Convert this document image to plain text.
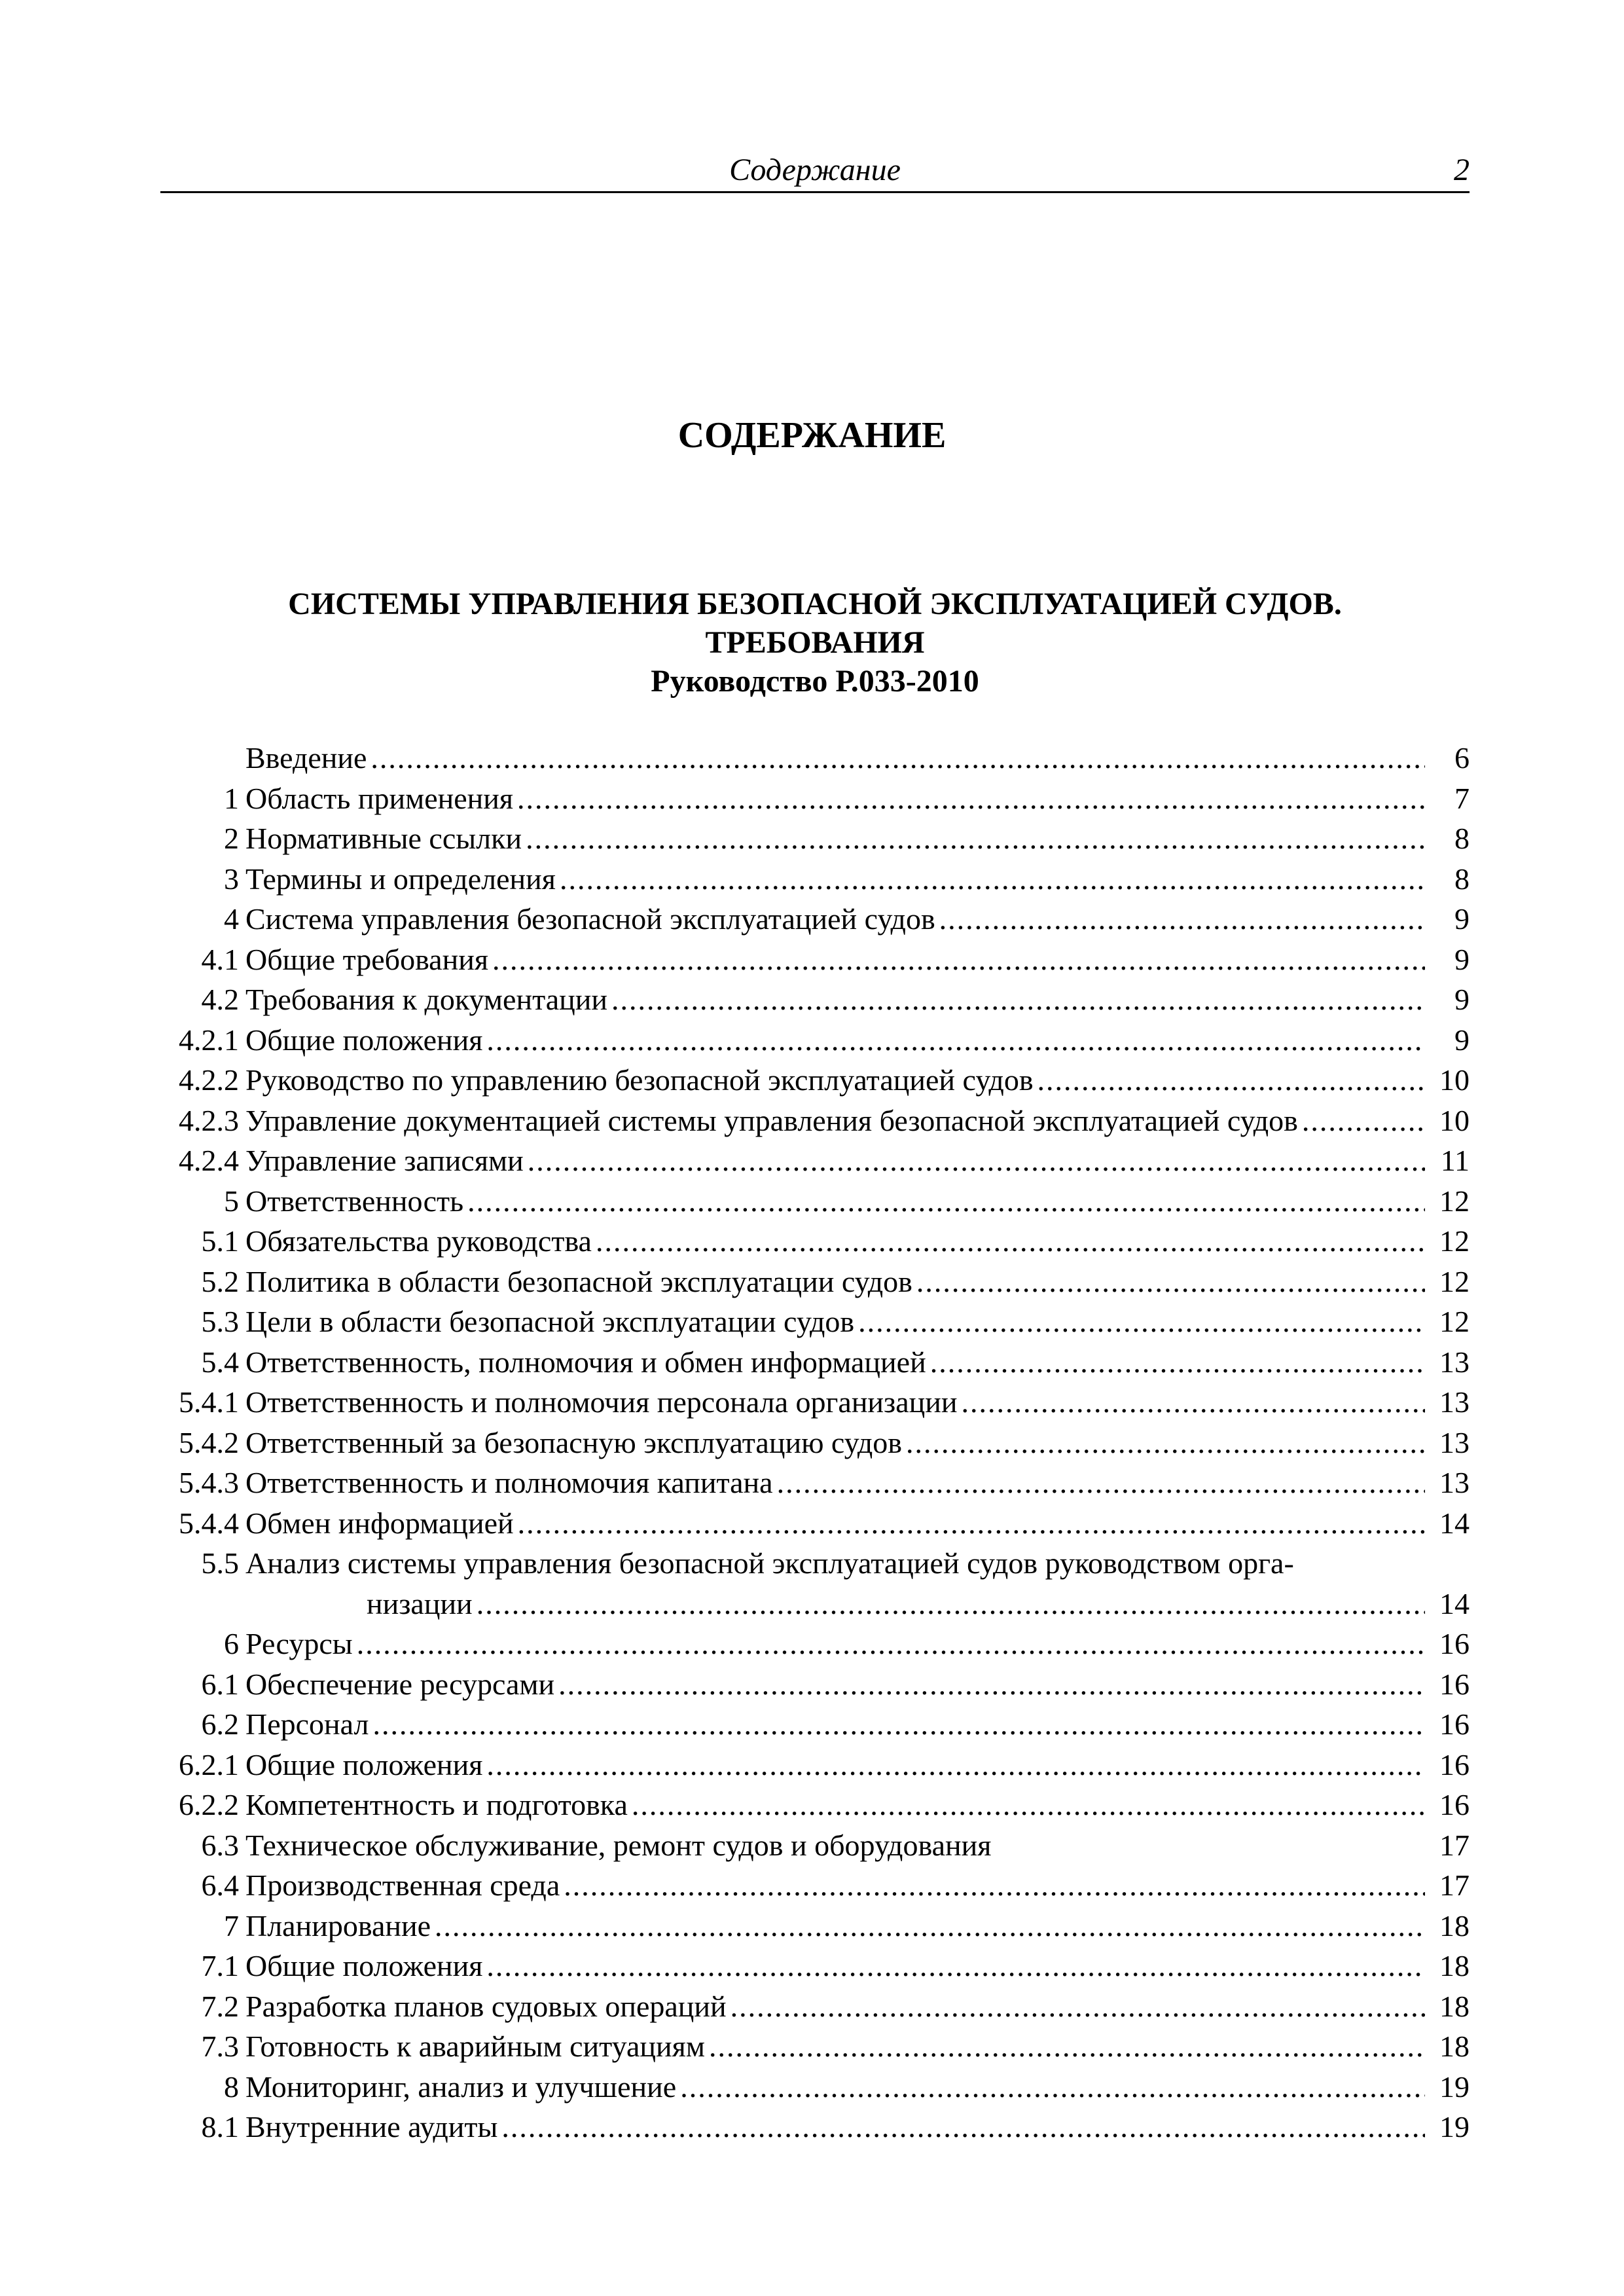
Содержание	2
СОДЕРЖАНИЕ
СИСТЕМЫ УПРАВЛЕНИЯ БЕЗОПАСНОЙ ЭКСПЛУАТАЦИЕЙ СУДОВ.
ТРЕБОВАНИЯ
Руководство Р.033-2010
Введение .....	6
1 Область применения .....	7
2 Нормативные ссылки .....	8
3 Термины и определения .....	8
4 Система управления безопасной эксплуатацией судов .....	9
4.1 Общие требования .....	9
4.2 Требования к документации .....	9
4.2.1 Общие положения .....	9
4.2.2 Руководство по управлению безопасной эксплуатацией судов .....	10
4.2.3 Управление документацией системы управления безопасной эксплуатацией судов .....	10
4.2.4 Управление записями .....	11
5 Ответственность .....	12
5.1 Обязательства руководства .....	12
5.2 Политика в области безопасной эксплуатации судов .....	12
5.3 Цели в области безопасной эксплуатации судов .....	12
5.4 Ответственность, полномочия и обмен информацией .....	13
5.4.1 Ответственность и полномочия персонала организации .....	13
5.4.2 Ответственный за безопасную эксплуатацию судов .....	13
5.4.3 Ответственность и полномочия капитана .....	13
5.4.4 Обмен информацией .....	14
5.5 Анализ системы управления безопасной эксплуатацией судов руководством орга-
низации .....	14
6 Ресурсы .....	16
6.1 Обеспечение ресурсами .....	16
6.2 Персонал .....	16
6.2.1 Общие положения .....	16
6.2.2 Компетентность и подготовка .....	16
6.3 Техническое обслуживание, ремонт судов и оборудования	17
6.4 Производственная среда .....	17
7 Планирование .....	18
7.1 Общие положения .....	18
7.2 Разработка планов судовых операций .....	18
7.3 Готовность к аварийным ситуациям .....	18
8 Мониторинг, анализ и улучшение .....	19
8.1 Внутренние аудиты .....	19
